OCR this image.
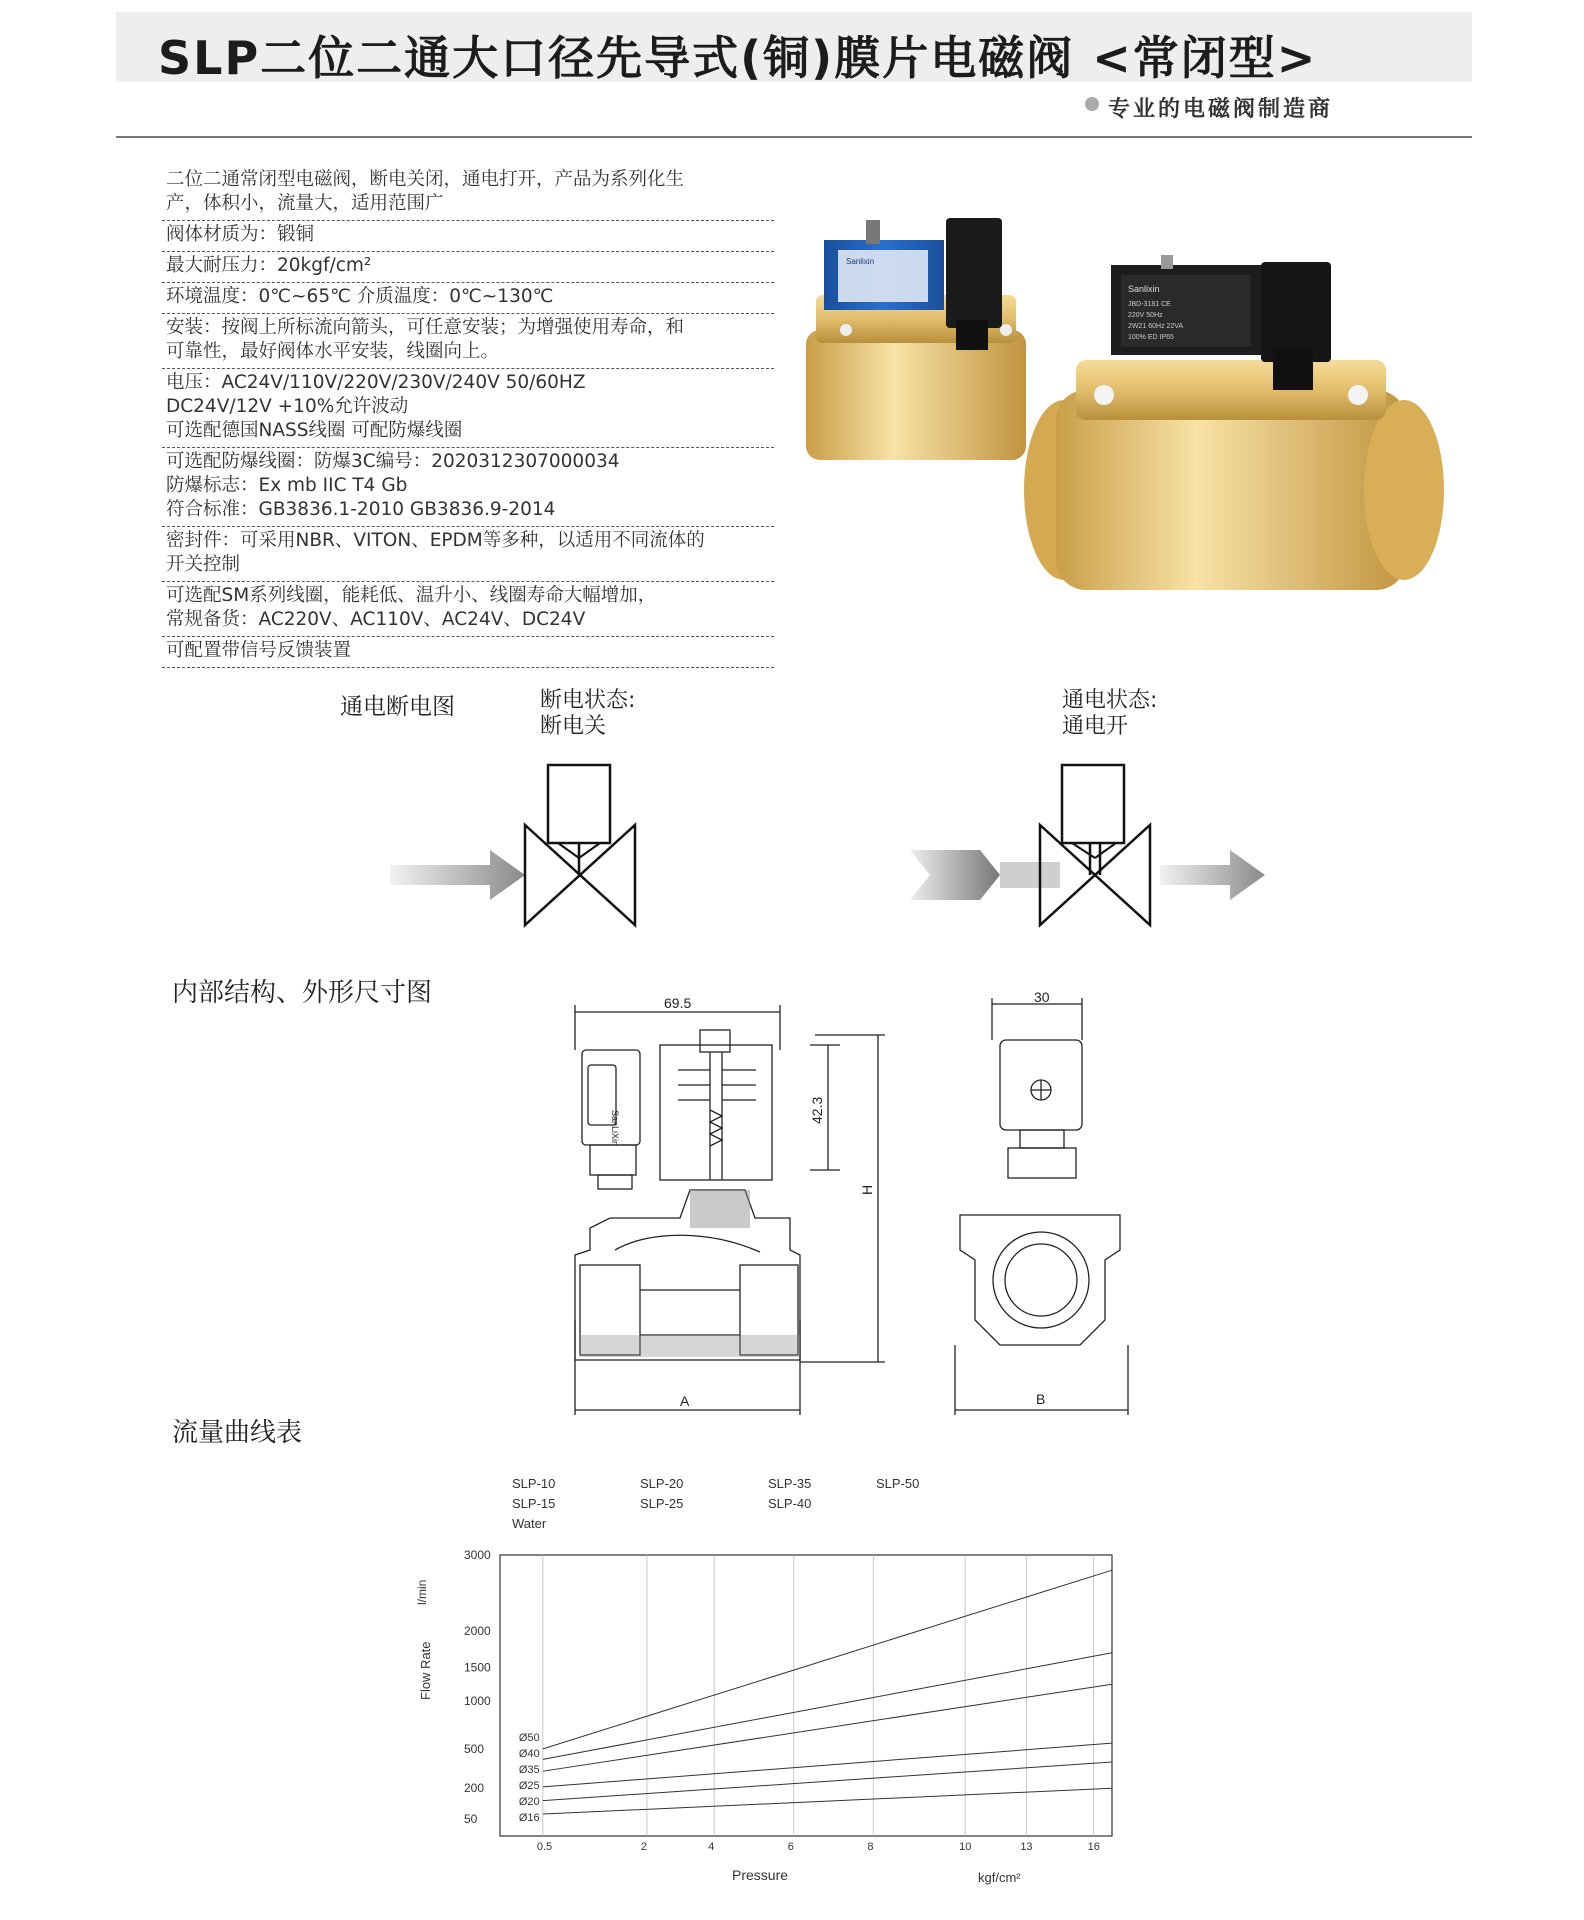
SLP二位二通大口径先导式(铜)膜片电磁阀 <常闭型>
专业的电磁阀制造商
二位二通常闭型电磁阀，断电关闭，通电打开，产品为系列化生
产，体积小，流量大，适用范围广
阀体材质为：锻铜
最大耐压力：20kgf/cm²
环境温度：0℃~65℃ 介质温度：0℃~130℃
安装：按阀上所标流向箭头，可任意安装；为增强使用寿命，和
可靠性，最好阀体水平安装，线圈向上。
电压：AC24V/110V/220V/230V/240V 50/60HZ
DC24V/12V +10%允许波动
可选配德国NASS线圈 可配防爆线圈
可选配防爆线圈：防爆3C编号：2020312307000034
防爆标志：Ex mb IIC T4 Gb
符合标准：GB3836.1-2010 GB3836.9-2014
密封件：可采用NBR、VITON、EPDM等多种，以适用不同流体的
开关控制
可选配SM系列线圈，能耗低、温升小、线圈寿命大幅增加，
常规备货：AC220V、AC110V、AC24V、DC24V
可配置带信号反馈装置
Sanlixin
Sanlixin
JBD-3181 CE
220V 50Hz
2W21 60Hz 22VA
100% ED IP65
通电断电图	断电状态:
断电关
通电状态:
通电开
内部结构、外形尺寸图	69.5
42.3
H
A
SanLiXin
30
B
流量曲线表
0.5	2	4	6	8	10	13	16
3000
2000
1500
1000
500
200
50
Ø50
Ø40
Ø35
Ø25
Ø20
Ø16
SLP-10
SLP-15
Water
SLP-20
SLP-25
SLP-35
SLP-40
SLP-50
Flow Rate
l/min
Pressure	kgf/cm²
